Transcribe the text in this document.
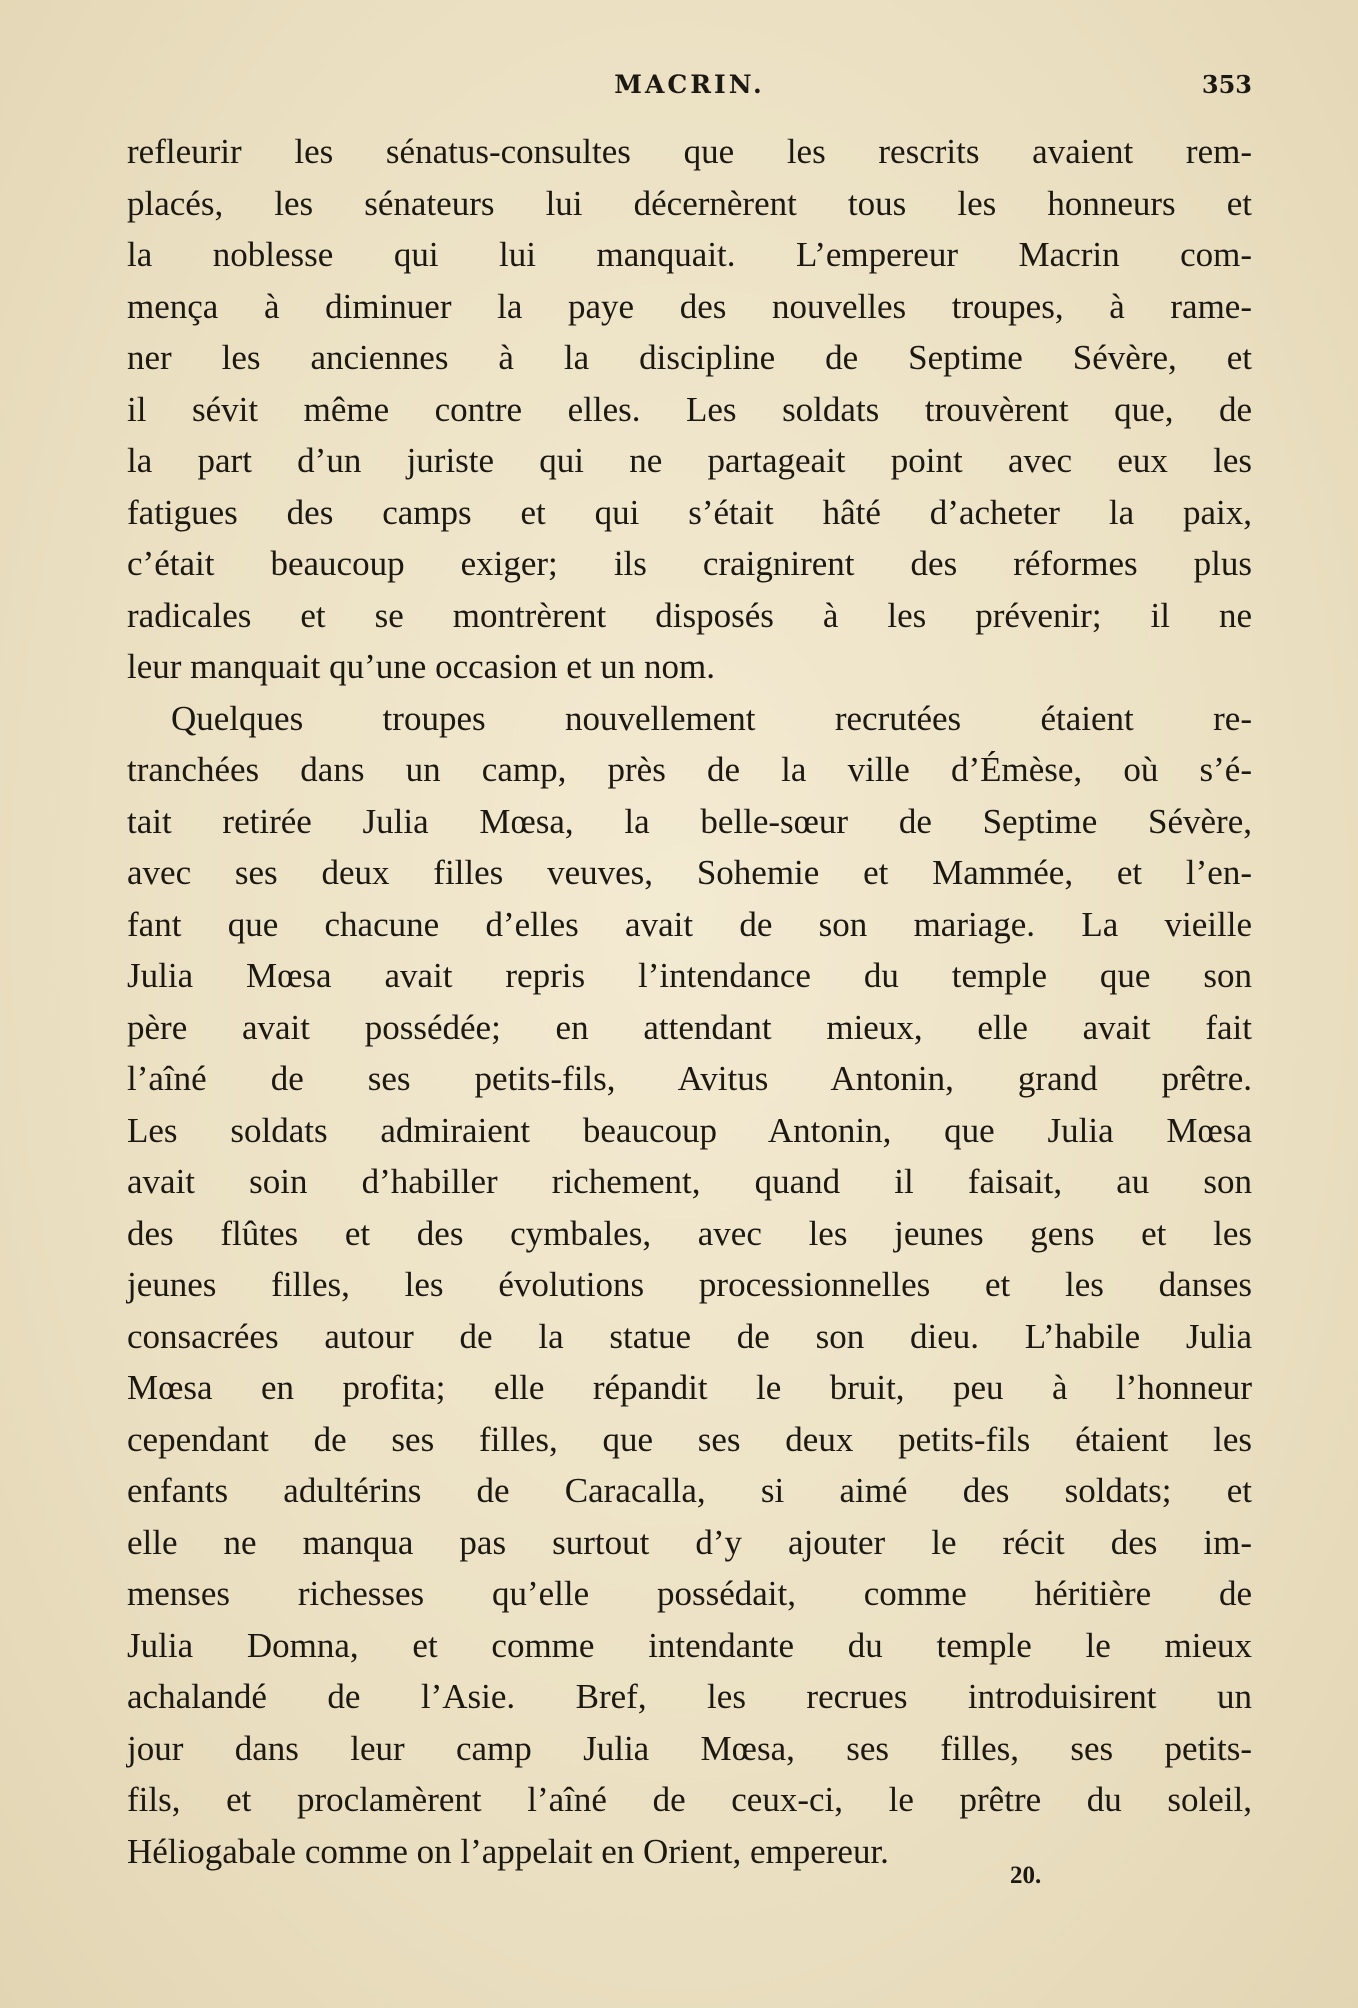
MACRIN.	353
refleurir les sénatus-consultes que les rescrits avaient rem-
placés, les sénateurs lui décernèrent tous les honneurs et
la noblesse qui lui manquait. L’empereur Macrin com-
mença à diminuer la paye des nouvelles troupes, à rame-
ner les anciennes à la discipline de Septime Sévère, et
il sévit même contre elles. Les soldats trouvèrent que, de
la part d’un juriste qui ne partageait point avec eux les
fatigues des camps et qui s’était hâté d’acheter la paix,
c’était beaucoup exiger; ils craignirent des réformes plus
radicales et se montrèrent disposés à les prévenir; il ne
leur manquait qu’une occasion et un nom.
Quelques troupes nouvellement recrutées étaient re-
tranchées dans un camp, près de la ville d’Émèse, où s’é-
tait retirée Julia Mœsa, la belle-sœur de Septime Sévère,
avec ses deux filles veuves, Sohemie et Mammée, et l’en-
fant que chacune d’elles avait de son mariage. La vieille
Julia Mœsa avait repris l’intendance du temple que son
père avait possédée; en attendant mieux, elle avait fait
l’aîné de ses petits-fils, Avitus Antonin, grand prêtre.
Les soldats admiraient beaucoup Antonin, que Julia Mœsa
avait soin d’habiller richement, quand il faisait, au son
des flûtes et des cymbales, avec les jeunes gens et les
jeunes filles, les évolutions processionnelles et les danses
consacrées autour de la statue de son dieu. L’habile Julia
Mœsa en profita; elle répandit le bruit, peu à l’honneur
cependant de ses filles, que ses deux petits-fils étaient les
enfants adultérins de Caracalla, si aimé des soldats; et
elle ne manqua pas surtout d’y ajouter le récit des im-
menses richesses qu’elle possédait, comme héritière de
Julia Domna, et comme intendante du temple le mieux
achalandé de l’Asie. Bref, les recrues introduisirent un
jour dans leur camp Julia Mœsa, ses filles, ses petits-
fils, et proclamèrent l’aîné de ceux-ci, le prêtre du soleil,
Héliogabale comme on l’appelait en Orient, empereur.
20.
